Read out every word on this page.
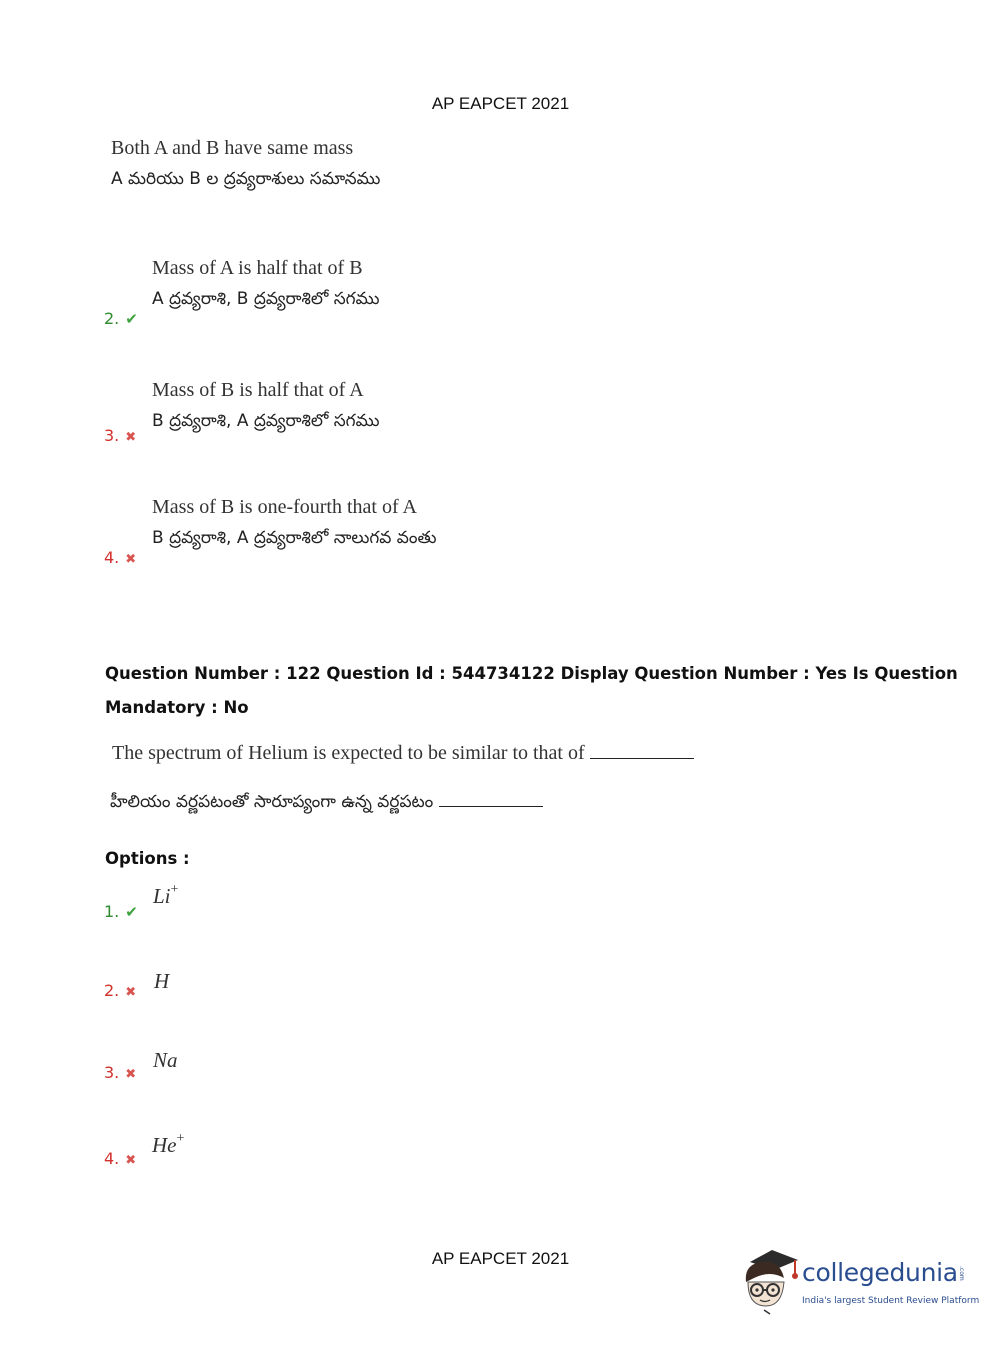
AP EAPCET 2021
Both A and B have same mass
A మరియు B ల ద్రవ్యరాశులు సమానము
Mass of A is half that of B
A ద్రవ్యరాశి, B ద్రవ్యరాశిలో సగము
2. ✔
Mass of B is half that of A
B ద్రవ్యరాశి, A ద్రవ్యరాశిలో సగము
3. ✖
Mass of B is one-fourth that of A
B ద్రవ్యరాశి, A ద్రవ్యరాశిలో నాలుగవ వంతు
4. ✖
Question Number : 122 Question Id : 544734122 Display Question Number : Yes Is Question
Mandatory : No
The spectrum of Helium is expected to be similar to that of
హీలియం వర్ణపటంతో సారూప్యంగా ఉన్న వర్ణపటం
Options :
Li+
1. ✔
H
2. ✖
Na
3. ✖
He+
4. ✖
AP EAPCET 2021	collegedunia .com
India's largest Student Review Platform
